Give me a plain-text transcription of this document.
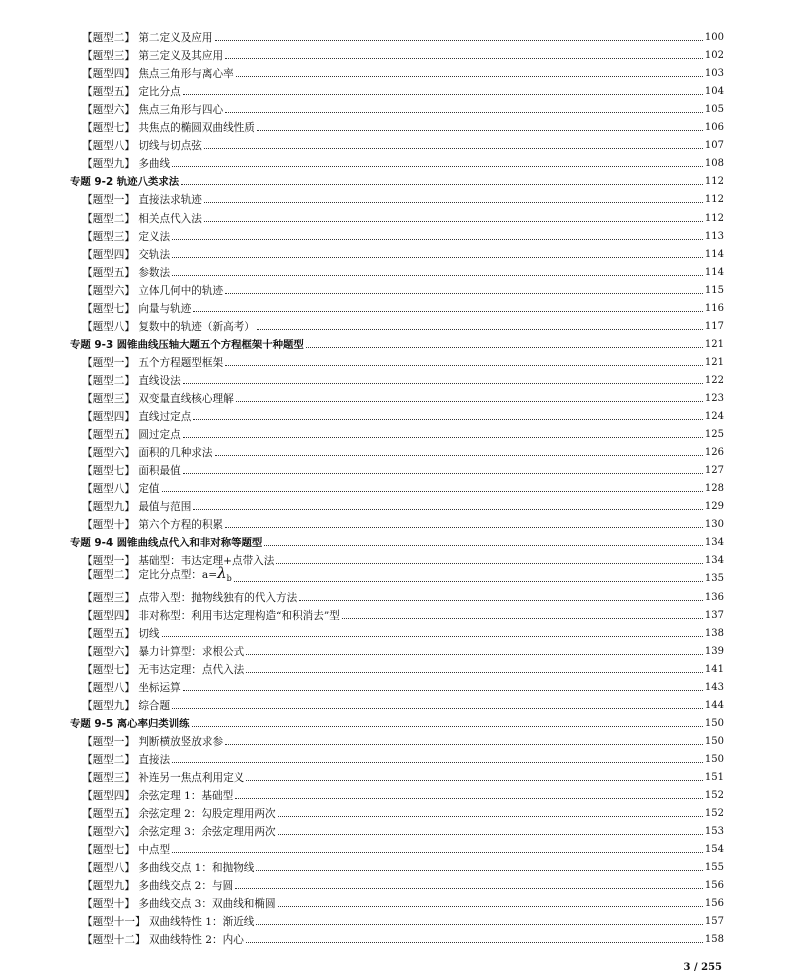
【题型二】 第二定义及应用	100
【题型三】 第三定义及其应用	102
【题型四】 焦点三角形与离心率	103
【题型五】 定比分点	104
【题型六】 焦点三角形与四心	105
【题型七】 共焦点的椭圆双曲线性质	106
【题型八】 切线与切点弦	107
【题型九】 多曲线	108
专题 9-2 轨迹八类求法	112
【题型一】 直接法求轨迹	112
【题型二】 相关点代入法	112
【题型三】 定义法	113
【题型四】 交轨法	114
【题型五】 参数法	114
【题型六】 立体几何中的轨迹	115
【题型七】 向量与轨迹	116
【题型八】 复数中的轨迹（新高考）	117
专题 9-3 圆锥曲线压轴大题五个方程框架十种题型	121
【题型一】 五个方程题型框架	121
【题型二】 直线设法	122
【题型三】 双变量直线核心理解	123
【题型四】 直线过定点	124
【题型五】 圆过定点	125
【题型六】 面积的几种求法	126
【题型七】 面积最值	127
【题型八】 定值	128
【题型九】 最值与范围	129
【题型十】 第六个方程的积累	130
专题 9-4 圆锥曲线点代入和非对称等题型	134
【题型一】 基础型：韦达定理+点带入法	134
【题型二】 定比分点型：$a=\lambda_b$	135
【题型三】 点带入型：抛物线独有的代入方法	136
【题型四】 非对称型：利用韦达定理构造“和积消去”型	137
【题型五】 切线	138
【题型六】 暴力计算型：求根公式	139
【题型七】 无韦达定理：点代入法	141
【题型八】 坐标运算	143
【题型九】 综合题	144
专题 9-5 离心率归类训练	150
【题型一】 判断横放竖放求参	150
【题型二】 直接法	150
【题型三】 补连另一焦点利用定义	151
【题型四】 余弦定理 1：基础型	152
【题型五】 余弦定理 2：勾股定理用两次	152
【题型六】 余弦定理 3：余弦定理用两次	153
【题型七】 中点型	154
【题型八】 多曲线交点 1：和抛物线	155
【题型九】 多曲线交点 2：与圆	156
【题型十】 多曲线交点 3：双曲线和椭圆	156
【题型十一】 双曲线特性 1：渐近线	157
【题型十二】 双曲线特性 2：内心	158
3 / 255
